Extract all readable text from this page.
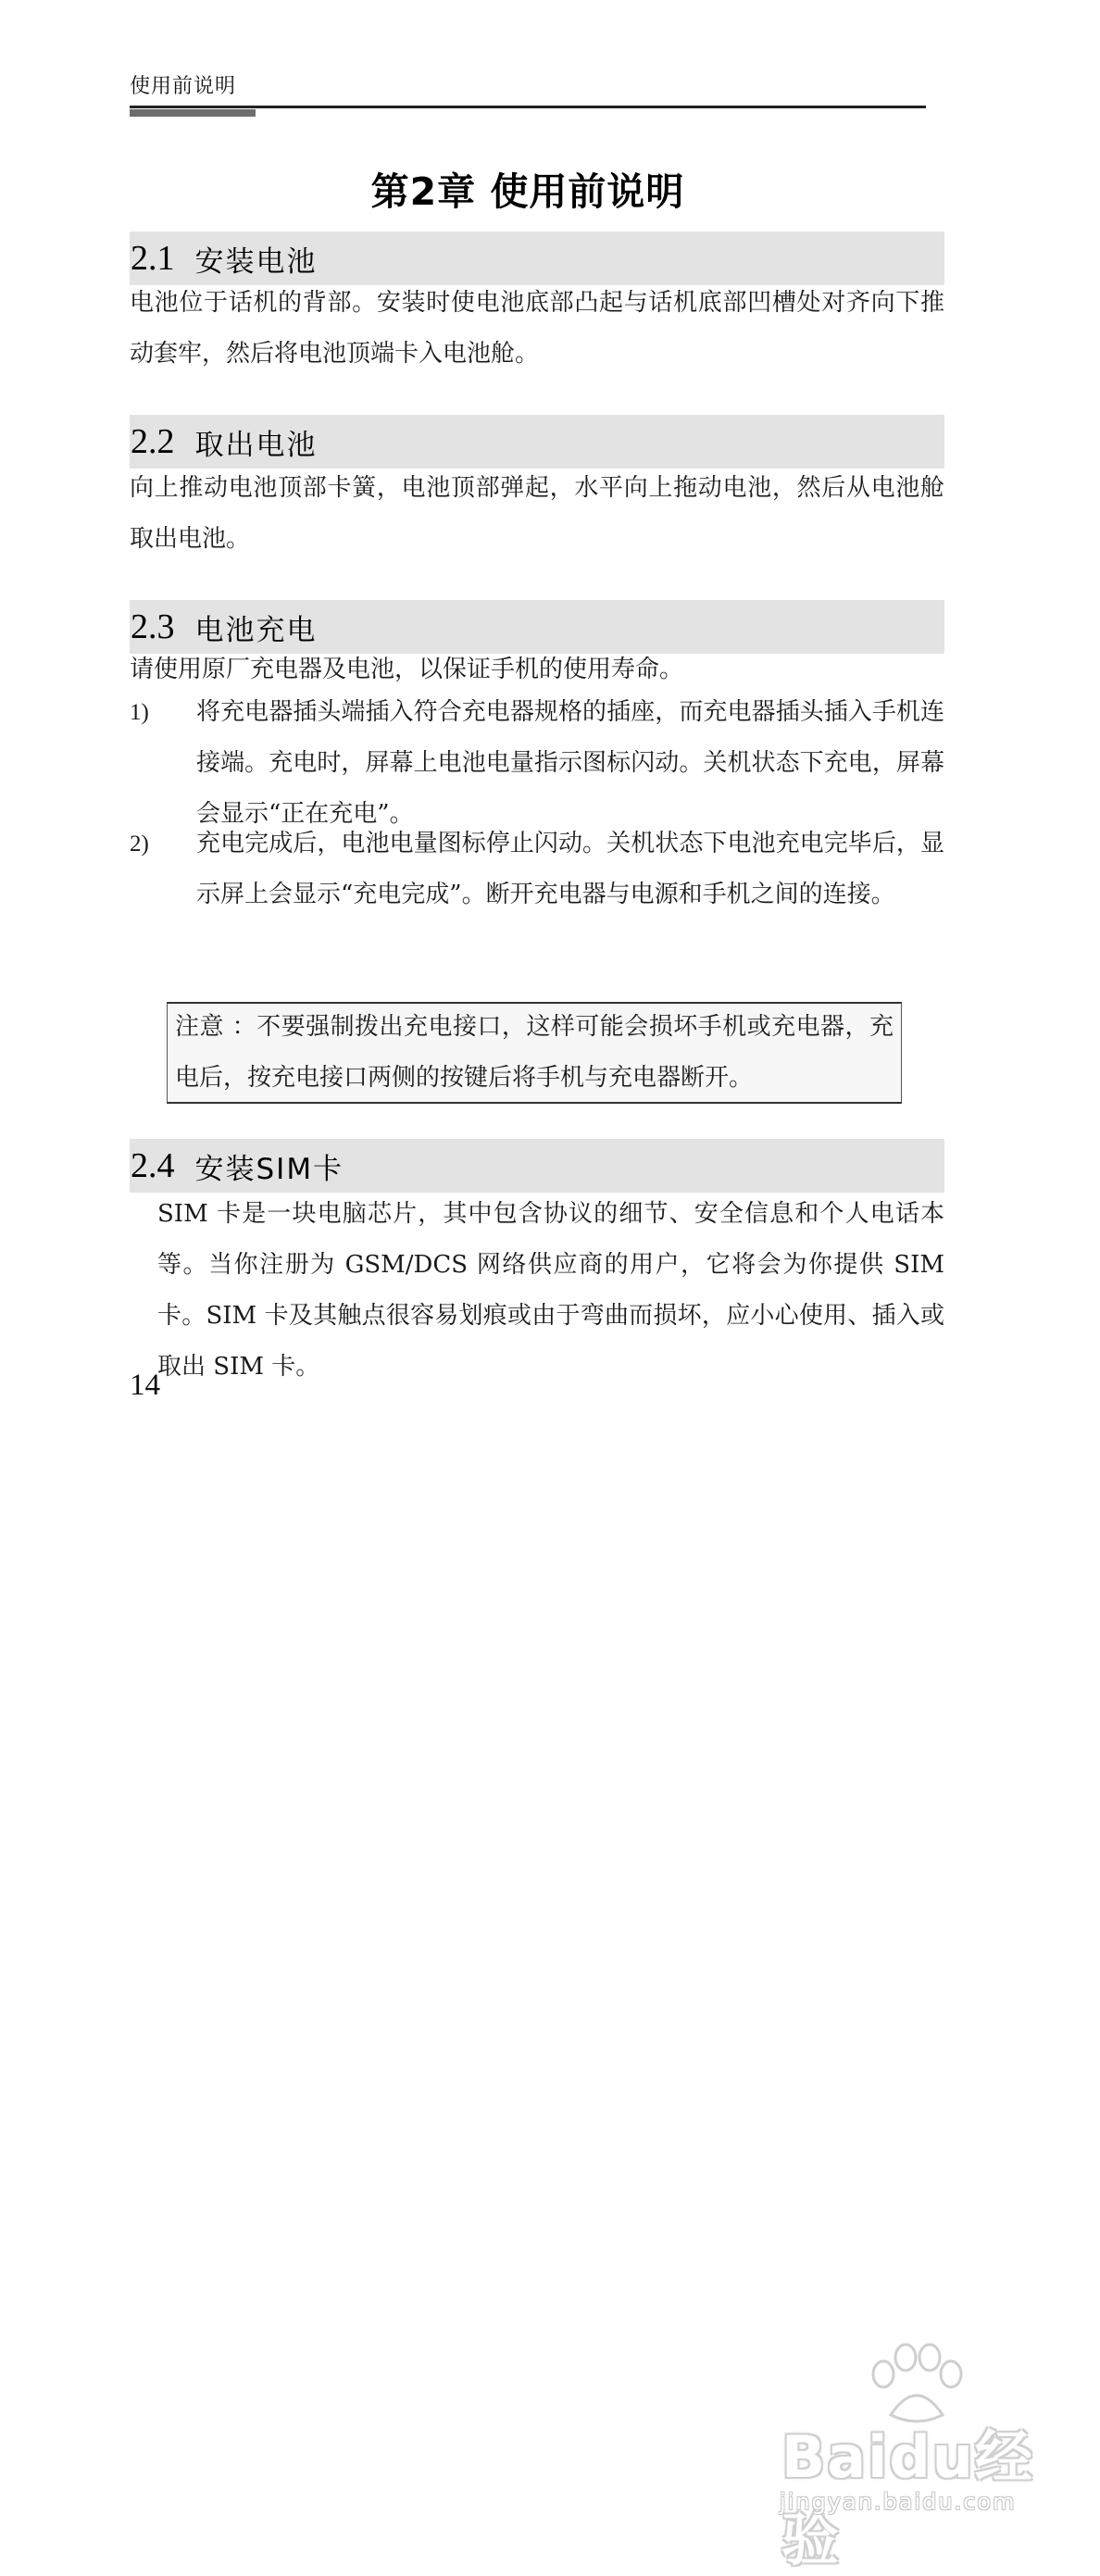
使用前说明
第2章 使用前说明
2.1 安装电池

电池位于话机的背部。安装时使电池底部凸起与话机底部凹槽处对齐向下推动套牢，然后将电池顶端卡入电池舱。

2.2 取出电池

向上推动电池顶部卡簧，电池顶部弹起，水平向上拖动电池，然后从电池舱取出电池。

2.3 电池充电

请使用原厂充电器及电池，以保证手机的使用寿命。

1) 将充电器插头端插入符合充电器规格的插座，而充电器插头插入手机连接端。充电时，屏幕上电池电量指示图标闪动。关机状态下充电，屏幕会显示“正在充电”。

2) 充电完成后，电池电量图标停止闪动。关机状态下电池充电完毕后，显示屏上会显示“充电完成”。断开充电器与电源和手机之间的连接。

注意 ：不要强制拨出充电接口，这样可能会损坏手机或充电器，充电后，按充电接口两侧的按键后将手机与充电器断开。

2.4 安装SIM卡

SIM 卡是一块电脑芯片，其中包含协议的细节、安全信息和个人电话本等。当你注册为 GSM/DCS 网络供应商的用户，它将会为你提供 SIM 卡。SIM 卡及其触点很容易划痕或由于弯曲而损坏，应小心使用、插入或取出 SIM 卡。

14
Baidu经验
jingyan.baidu.com
